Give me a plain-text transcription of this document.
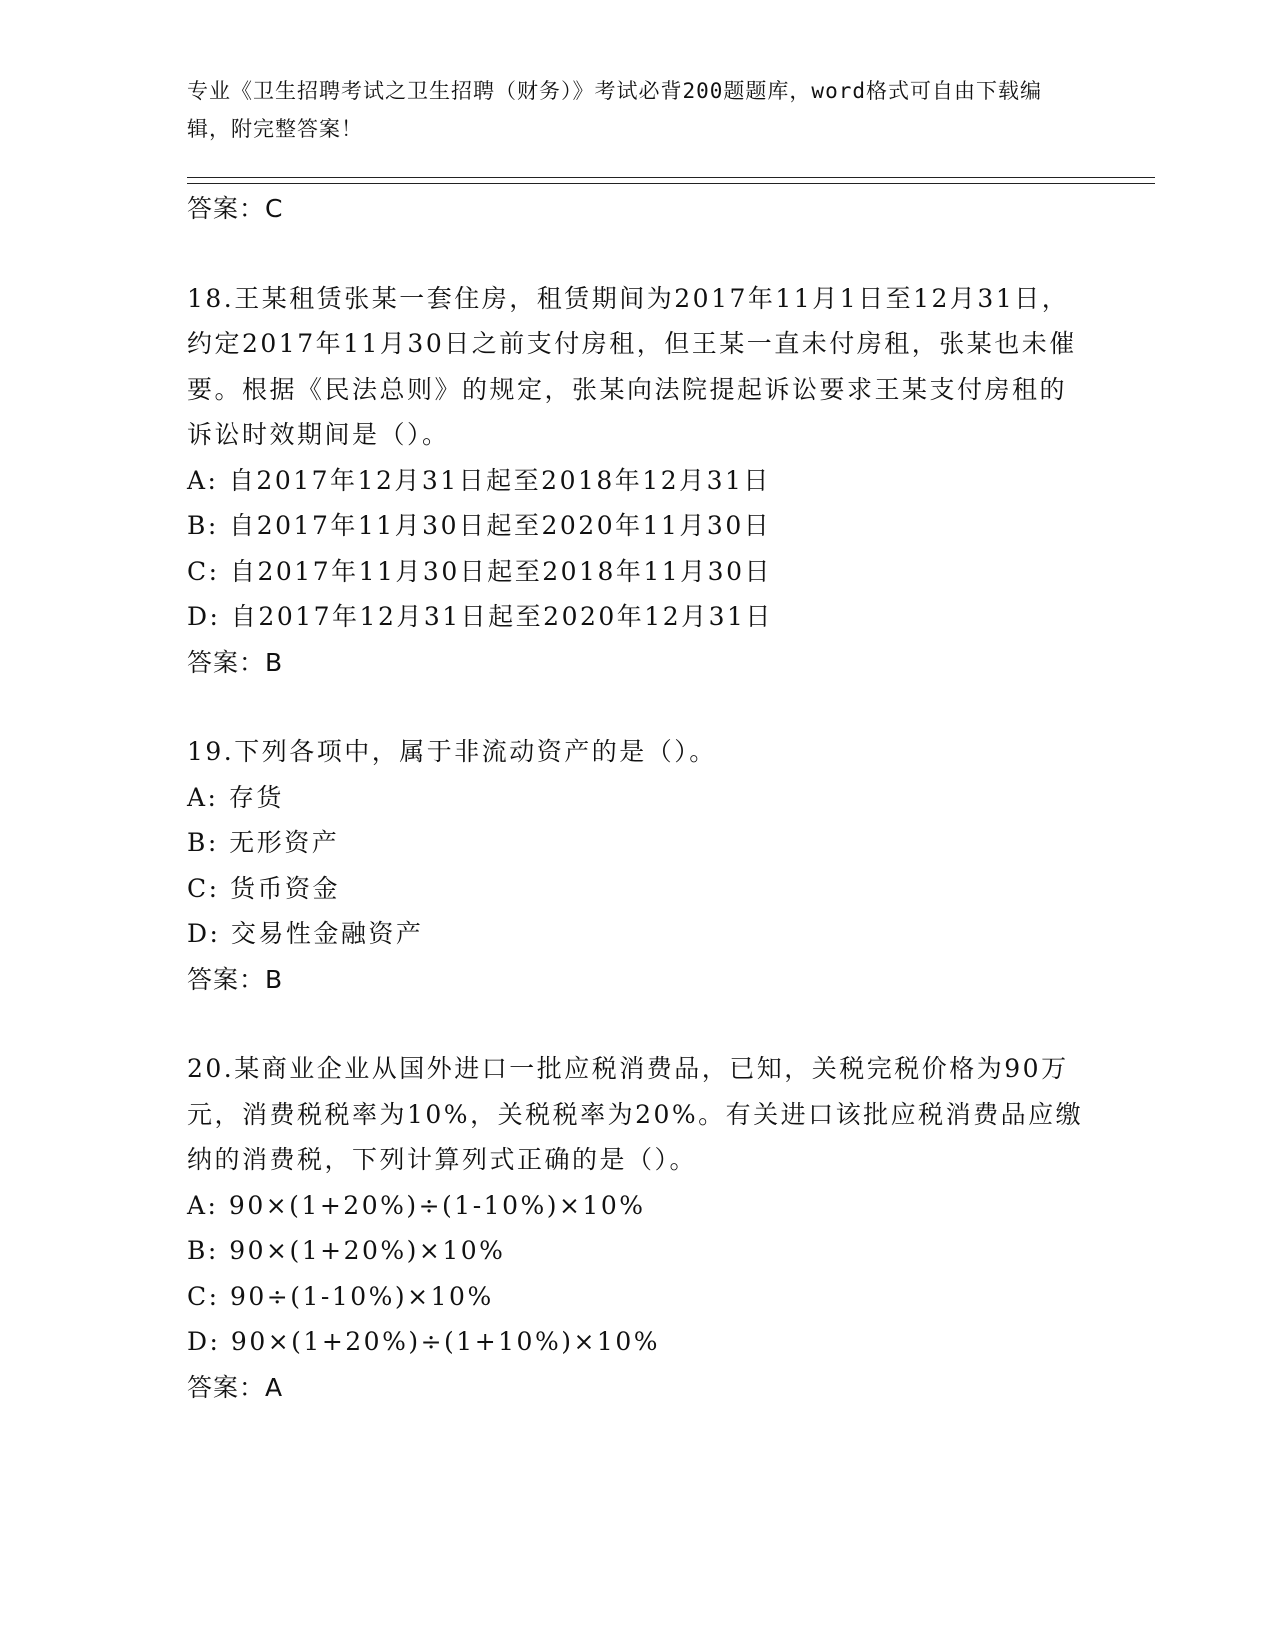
专业《卫生招聘考试之卫生招聘（财务）》考试必背200题题库，word格式可自由下载编辑，附完整答案！
答案：C
18.王某租赁张某一套住房，租赁期间为2017年11月1日至12月31日，约定2017年11月30日之前支付房租，但王某一直未付房租，张某也未催要。根据《民法总则》的规定，张某向法院提起诉讼要求王某支付房租的诉讼时效期间是（）。
A: 自2017年12月31日起至2018年12月31日
B: 自2017年11月30日起至2020年11月30日
C: 自2017年11月30日起至2018年11月30日
D: 自2017年12月31日起至2020年12月31日
答案：B
19.下列各项中，属于非流动资产的是（）。
A: 存货
B: 无形资产
C: 货币资金
D: 交易性金融资产
答案：B
20.某商业企业从国外进口一批应税消费品，已知，关税完税价格为90万元，消费税税率为10%，关税税率为20%。有关进口该批应税消费品应缴纳的消费税，下列计算列式正确的是（）。
A: 90×(1+20%)÷(1-10%)×10%
B: 90×(1+20%)×10%
C: 90÷(1-10%)×10%
D: 90×(1+20%)÷(1+10%)×10%
答案：A
